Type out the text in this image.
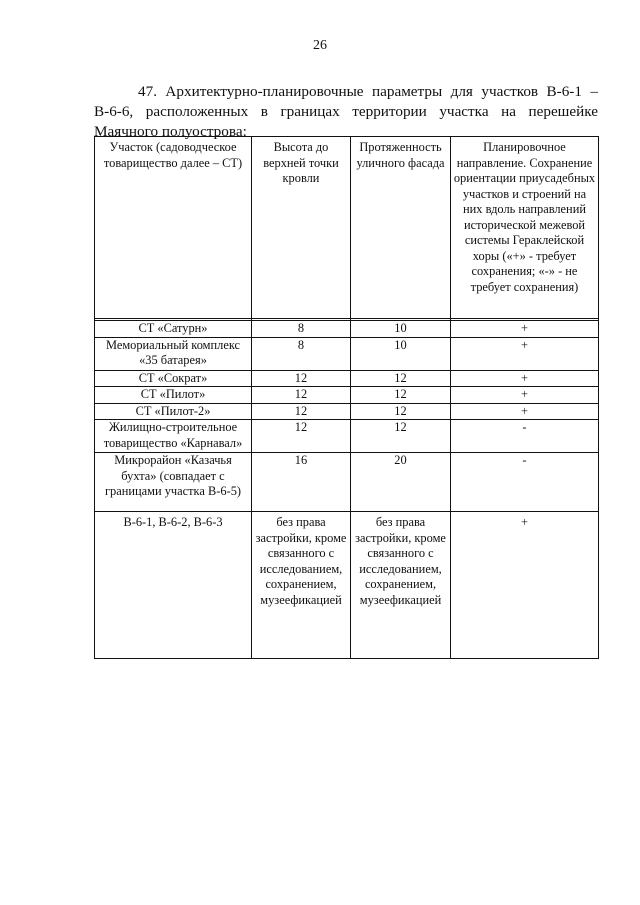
26

47. Архитектурно-планировочные параметры для участков В-6-1 – В-6-6, расположенных в границах территории участка на перешейке Маячного полуострова:

Участок (садоводческое товарищество далее – СТ)	Высота до верхней точки кровли	Протяженность уличного фасада	Планировочное направление. Сохранение ориентации приусадебных участков и строений на них вдоль направлений исторической межевой системы Гераклейской хоры («+» - требует сохранения; «-» - не требует сохранения)

СТ «Сатурн»	8	10	+
Мемориальный комплекс «35 батарея»	8	10	+
СТ «Сократ»	12	12	+
СТ «Пилот»	12	12	+
СТ «Пилот-2»	12	12	+
Жилищно-строительное товарищество «Карнавал»	12	12	-
Микрорайон «Казачья бухта» (совпадает с границами участка В-6-5)	16	20	-
В-6-1, В-6-2, В-6-3	без права застройки, кроме связанного с исследованием, сохранением, музеефикацией	без права застройки, кроме связанного с исследованием, сохранением, музеефикацией	+
